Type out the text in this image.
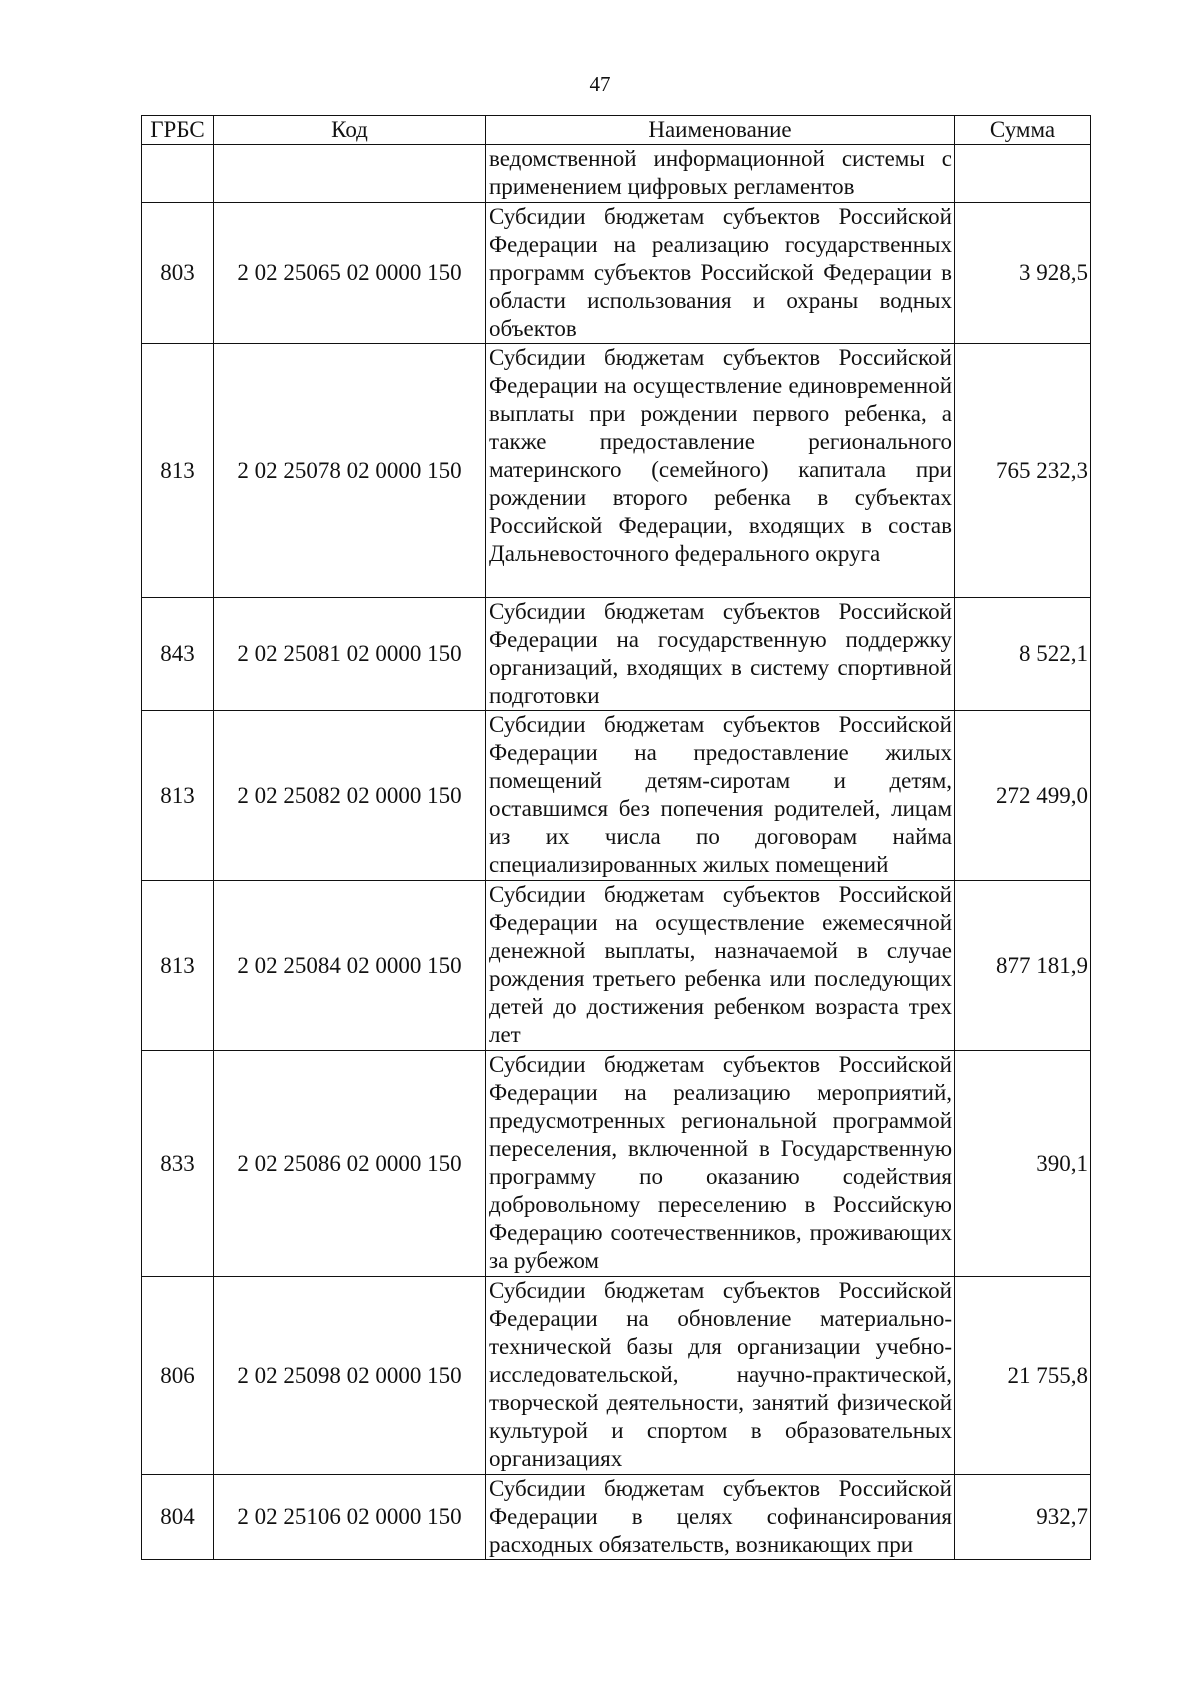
47
ГРБС	Код	Наименование	Сумма
		ведомственной информационной системы с применением цифровых регламентов	
803	2 02 25065 02 0000 150	Субсидии бюджетам субъектов Российской Федерации на реализацию государственных программ субъектов Российской Федерации в области использования и охраны водных объектов	3 928,5
813	2 02 25078 02 0000 150	Субсидии бюджетам субъектов Российской Федерации на осуществление единовременной выплаты при рождении первого ребенка, а также предоставление регионального материнского (семейного) капитала при рождении второго ребенка в субъектах Российской Федерации, входящих в состав Дальневосточного федерального округа	765 232,3
843	2 02 25081 02 0000 150	Субсидии бюджетам субъектов Российской Федерации на государственную поддержку организаций, входящих в систему спортивной подготовки	8 522,1
813	2 02 25082 02 0000 150	Субсидии бюджетам субъектов Российской Федерации на предоставление жилых помещений детям-сиротам и детям, оставшимся без попечения родителей, лицам из их числа по договорам найма специализированных жилых помещений	272 499,0
813	2 02 25084 02 0000 150	Субсидии бюджетам субъектов Российской Федерации на осуществление ежемесячной денежной выплаты, назначаемой в случае рождения третьего ребенка или последующих детей до достижения ребенком возраста трех лет	877 181,9
833	2 02 25086 02 0000 150	Субсидии бюджетам субъектов Российской Федерации на реализацию мероприятий, предусмотренных региональной программой переселения, включенной в Государственную программу по оказанию содействия добровольному переселению в Российскую Федерацию соотечественников, проживающих за рубежом	390,1
806	2 02 25098 02 0000 150	Субсидии бюджетам субъектов Российской Федерации на обновление материально-технической базы для организации учебно-исследовательской, научно-практической, творческой деятельности, занятий физической культурой и спортом в образовательных организациях	21 755,8
804	2 02 25106 02 0000 150	Субсидии бюджетам субъектов Российской Федерации в целях софинансирования расходных обязательств, возникающих при	932,7
